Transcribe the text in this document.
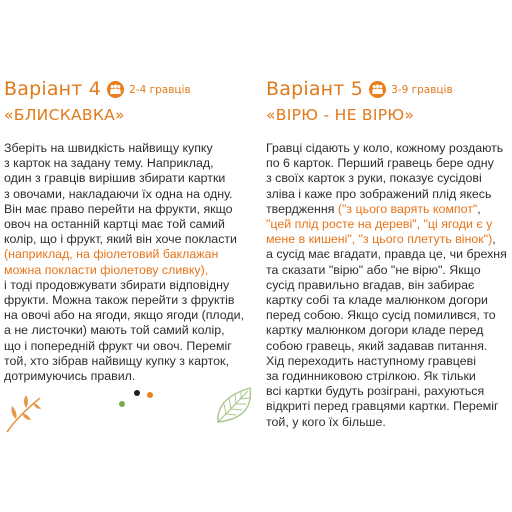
Варіант 4	2-4 гравців
«БЛИСКАВКА»
Зберіть на швидкість найвищу купку
з карток на задану тему. Наприклад,
один з гравців вирішив збирати картки
з овочами, накладаючи їх одна на одну.
Він має право перейти на фрукти, якщо
овоч на останній картці має той самий
колір, що і фрукт, який він хоче покласти
(наприклад, на фіолетовий баклажан
можна покласти фіолетову сливку),
і тоді продовжувати збирати відповідну
фрукти. Можна також перейти з фруктів
на овочі або на ягоди, якщо ягоди (плоди,
а не листочки) мають той самий колір,
що і попередній фрукт чи овоч. Переміг
той, хто зібрав найвищу купку з карток,
дотримуючись правил.
Варіант 5	3-9 гравців
«ВІРЮ - НЕ ВІРЮ»
Гравці сідають у коло, кожному роздають
по 6 карток. Перший гравець бере одну
з своїх карток з руки, показує сусідові
зліва і каже про зображений плід якесь
твердження ("з цього варять компот",
"цей плід росте на дереві", "ці ягоди є у
мене в кишені", "з цього плетуть вінок"),
а сусід має вгадати, правда це, чи брехня
та сказати "вірю" або "не вірю". Якщо
сусід правильно вгадав, він забирає
картку собі та кладе малюнком догори
перед собою. Якщо сусід помилився, то
картку малюнком догори кладе перед
собою гравець, який задавав питання.
Хід переходить наступному гравцеві
за годинниковою стрілкою. Як тільки
всі картки будуть розіграні, рахуються
відкриті перед гравцями картки. Переміг
той, у кого їх більше.
